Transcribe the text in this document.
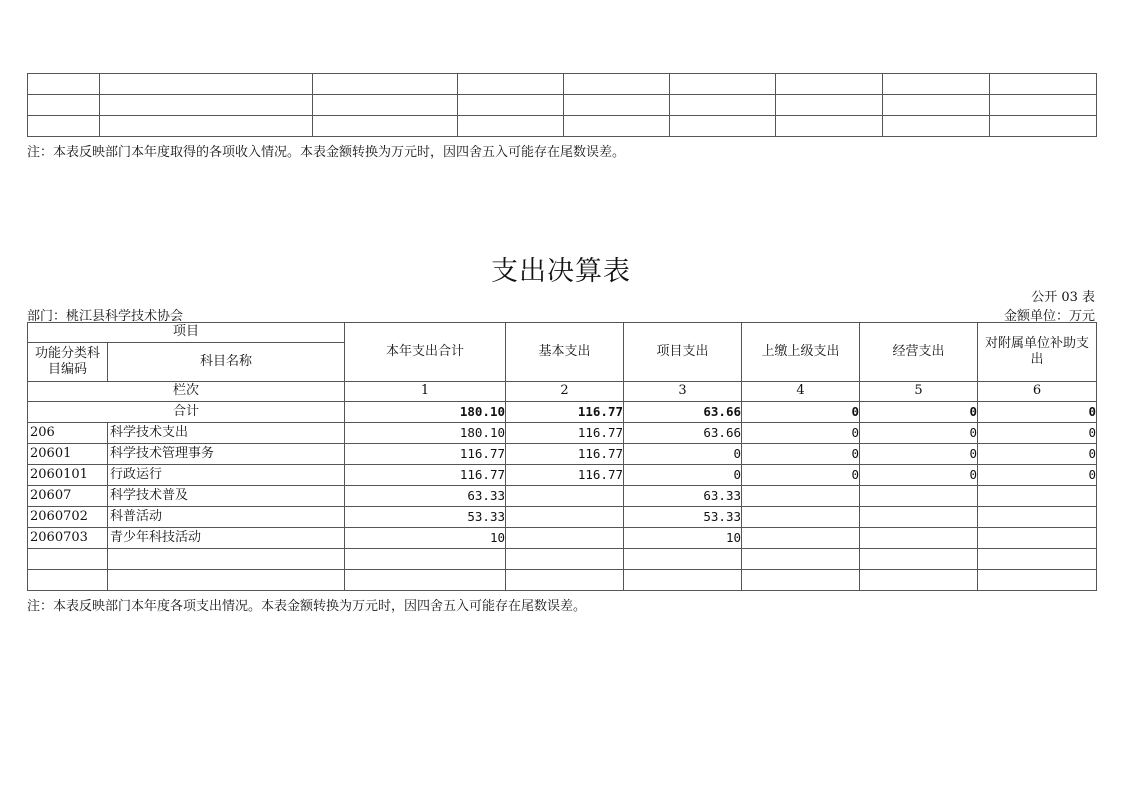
注：本表反映部门本年度取得的各项收入情况。本表金额转换为万元时，因四舍五入可能存在尾数误差。
支出决算表
公开 03 表
部门：桃江县科学技术协会	金额单位：万元
项目		本年支出合计	基本支出	项目支出	上缴上级支出	经营支出	对附属单位补助支出
功能分类科目编码	科目名称						
栏次		1	2	3	4	5	6
合计		180.10	116.77	63.66	0	0	0
206	科学技术支出	180.10	116.77	63.66	0	0	0
20601	科学技术管理事务	116.77	116.77	0	0	0	0
2060101	行政运行	116.77	116.77	0	0	0	0
20607	科学技术普及	63.33		63.33			
2060702	科普活动	53.33		53.33			
2060703	青少年科技活动	10		10			

注：本表反映部门本年度各项支出情况。本表金额转换为万元时，因四舍五入可能存在尾数误差。
